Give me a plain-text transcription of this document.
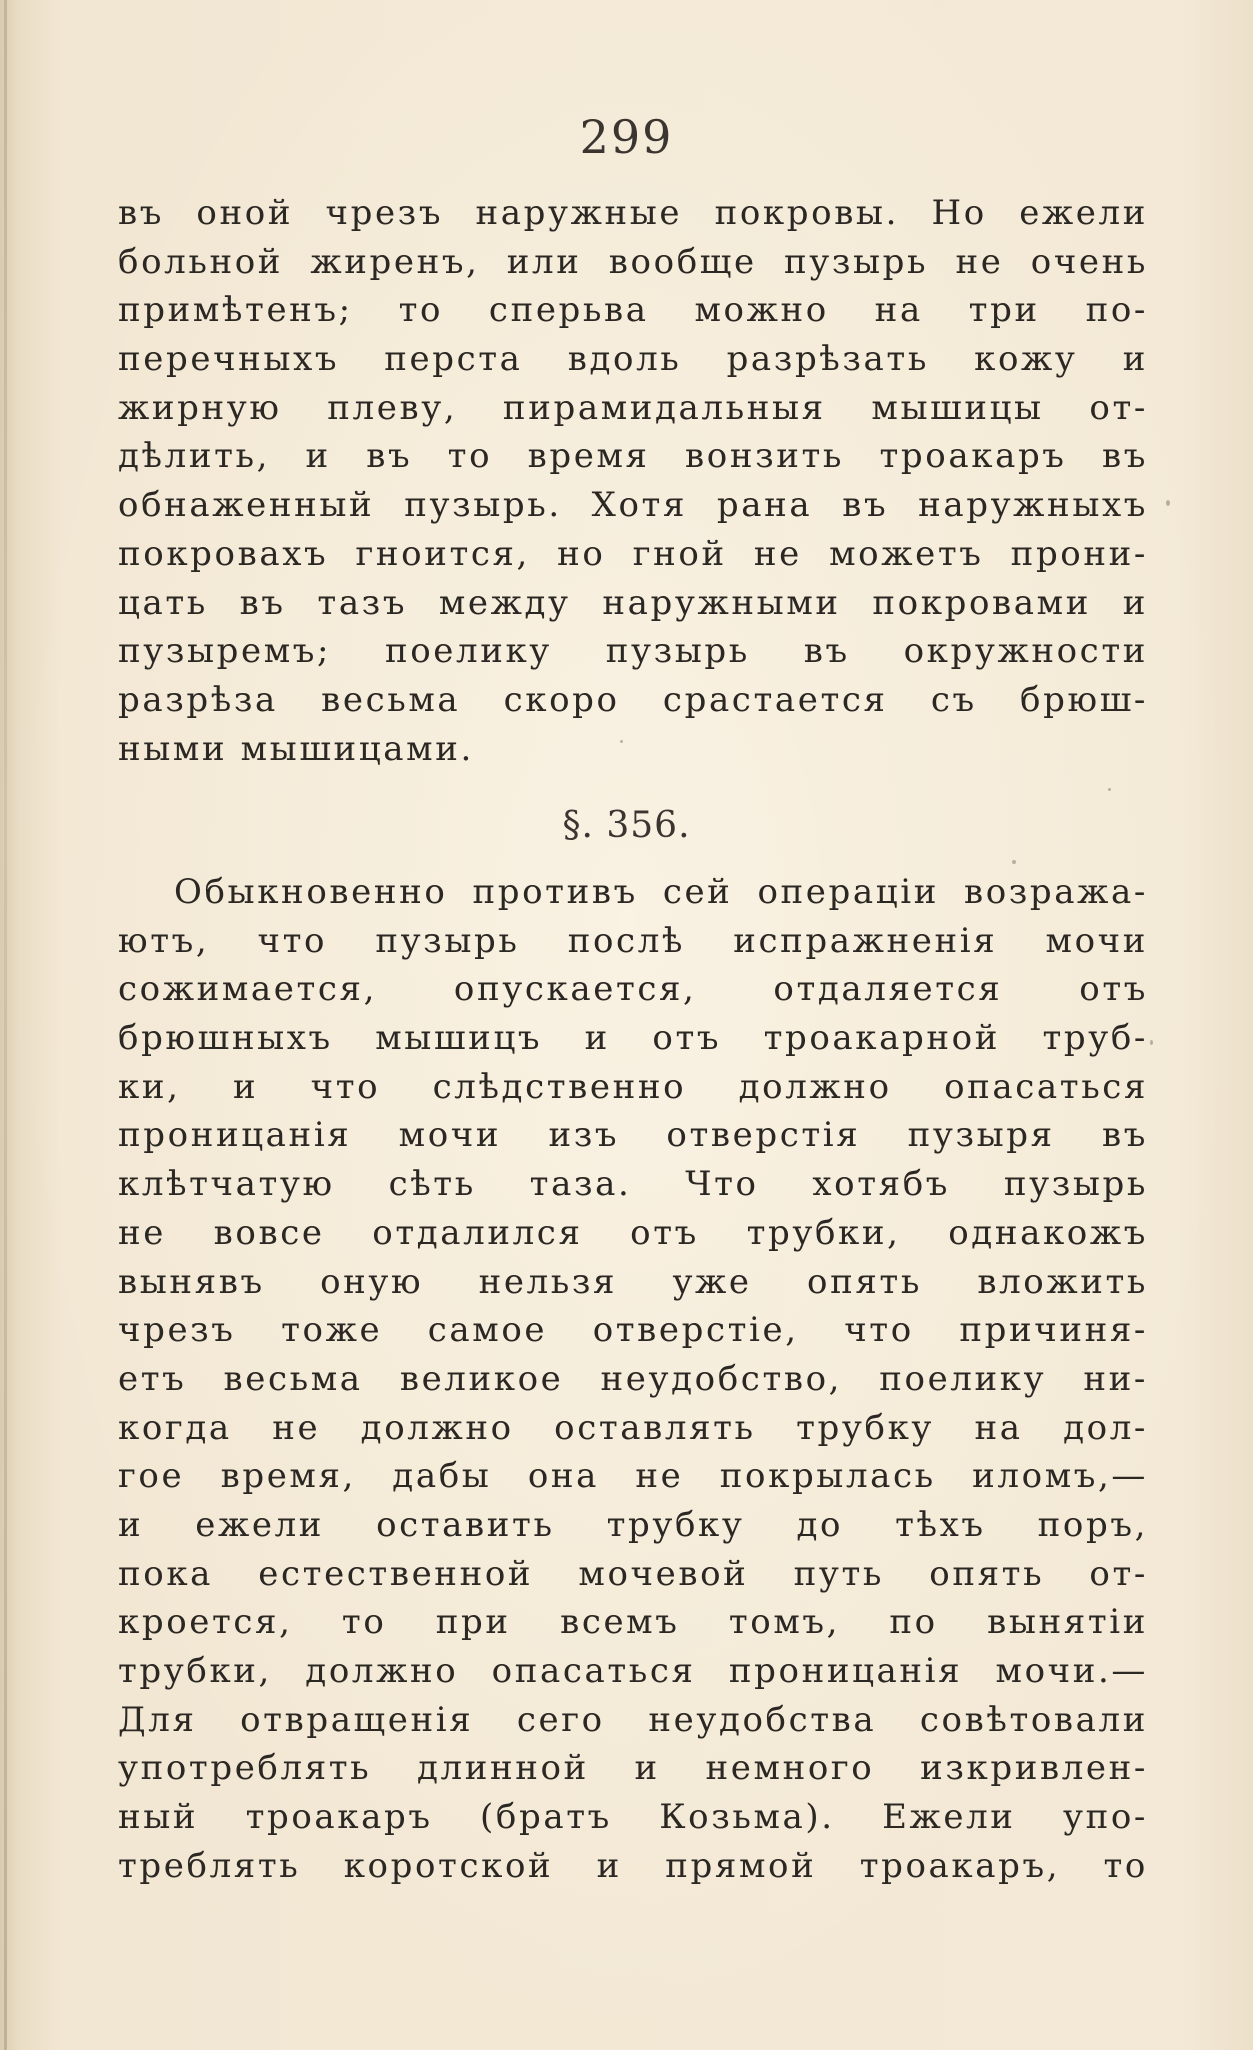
299
въ оной чрезъ наружные покровы. Но ежели
больной жиренъ, или вообще пузырь не очень
примѣтенъ; то сперьва можно на три по-
перечныхъ перста вдоль разрѣзать кожу и
жирную плеву, пирамидальныя мышицы от-
дѣлить, и въ то время вонзить троакаръ въ
обнаженный пузырь. Хотя рана въ наружныхъ
покровахъ гноится, но гной не можетъ прони-
цать въ тазъ между наружными покровами и
пузыремъ; поелику пузырь въ окружности
разрѣза весьма скоро срастается съ брюш-
ными мышицами.
§. 356.
Обыкновенно противъ сей операціи возража-
ютъ, что пузырь послѣ испражненія мочи
сожимается, опускается, отдаляется отъ
брюшныхъ мышицъ и отъ троакарной труб-
ки, и что слѣдственно должно опасаться
проницанія мочи изъ отверстія пузыря въ
клѣтчатую сѣть таза. Что хотябъ пузырь
не вовсе отдалился отъ трубки, однакожъ
вынявъ оную нельзя уже опять вложить
чрезъ тоже самое отверстіе, что причиня-
етъ весьма великое неудобство, поелику ни-
когда не должно оставлять трубку на дол-
гое время, дабы она не покрылась иломъ,—
и ежели оставить трубку до тѣхъ поръ,
пока естественной мочевой путь опять от-
кроется, то при всемъ томъ, по вынятіи
трубки, должно опасаться проницанія мочи.—
Для отвращенія сего неудобства совѣтовали
употреблять длинной и немного изкривлен-
ный троакаръ (братъ Козьма). Ежели упо-
треблять коротской и прямой троакаръ, то
